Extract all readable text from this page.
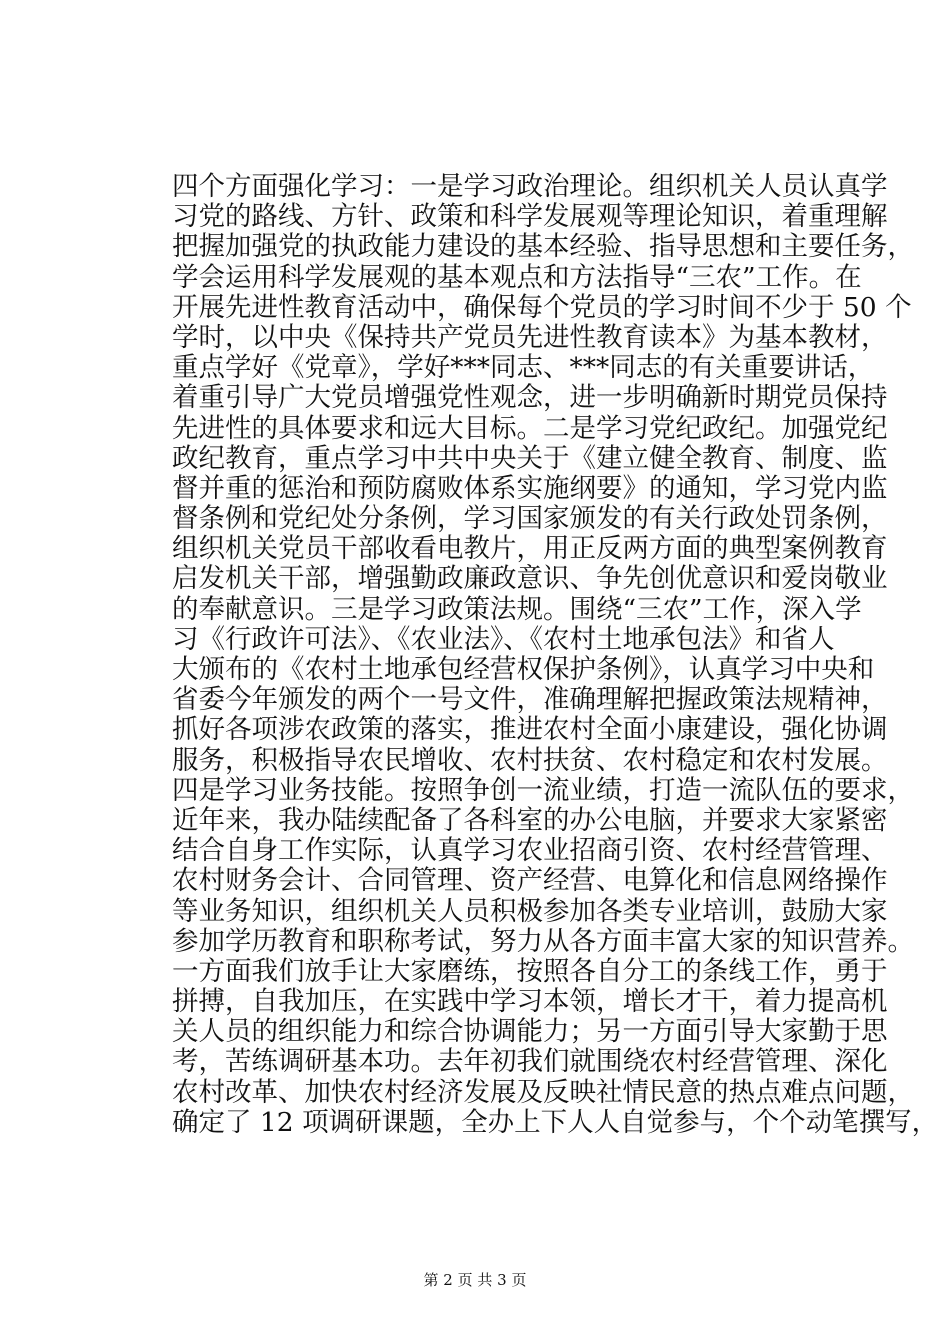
四个方面强化学习：一是学习政治理论。组织机关人员认真学
习党的路线、方针、政策和科学发展观等理论知识，着重理解
把握加强党的执政能力建设的基本经验、指导思想和主要任务，
学会运用科学发展观的基本观点和方法指导“三农”工作。在
开展先进性教育活动中，确保每个党员的学习时间不少于 50 个
学时，以中央《保持共产党员先进性教育读本》为基本教材，
重点学好《党章》，学好***同志、***同志的有关重要讲话，
着重引导广大党员增强党性观念，进一步明确新时期党员保持
先进性的具体要求和远大目标。二是学习党纪政纪。加强党纪
政纪教育，重点学习中共中央关于《建立健全教育、制度、监
督并重的惩治和预防腐败体系实施纲要》的通知，学习党内监
督条例和党纪处分条例，学习国家颁发的有关行政处罚条例，
组织机关党员干部收看电教片，用正反两方面的典型案例教育
启发机关干部，增强勤政廉政意识、争先创优意识和爱岗敬业
的奉献意识。三是学习政策法规。围绕“三农”工作，深入学
习《行政许可法》、《农业法》、《农村土地承包法》和省人
大颁布的《农村土地承包经营权保护条例》，认真学习中央和
省委今年颁发的两个一号文件，准确理解把握政策法规精神，
抓好各项涉农政策的落实，推进农村全面小康建设，强化协调
服务，积极指导农民增收、农村扶贫、农村稳定和农村发展。
四是学习业务技能。按照争创一流业绩，打造一流队伍的要求，
近年来，我办陆续配备了各科室的办公电脑，并要求大家紧密
结合自身工作实际，认真学习农业招商引资、农村经营管理、
农村财务会计、合同管理、资产经营、电算化和信息网络操作
等业务知识，组织机关人员积极参加各类专业培训，鼓励大家
参加学历教育和职称考试，努力从各方面丰富大家的知识营养。
一方面我们放手让大家磨练，按照各自分工的条线工作，勇于
拼搏，自我加压，在实践中学习本领，增长才干，着力提高机
关人员的组织能力和综合协调能力；另一方面引导大家勤于思
考，苦练调研基本功。去年初我们就围绕农村经营管理、深化
农村改革、加快农村经济发展及反映社情民意的热点难点问题，
确定了 12 项调研课题，全办上下人人自觉参与，个个动笔撰写，
第 2 页 共 3 页
